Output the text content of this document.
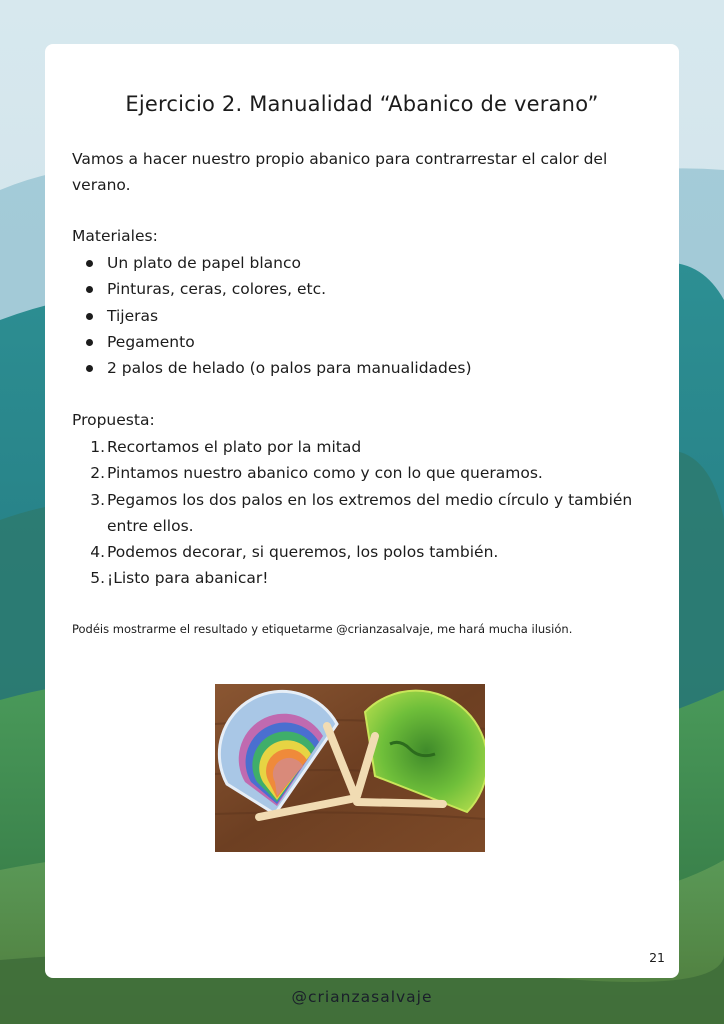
Ejercicio 2. Manualidad “Abanico de verano”
Vamos a hacer nuestro propio abanico para contrarrestar el calor del verano.
Materiales:
Un plato de papel blanco
Pinturas, ceras, colores, etc.
Tijeras
Pegamento
2 palos de helado (o palos para manualidades)
Propuesta:
1. Recortamos el plato por la mitad
2. Pintamos nuestro abanico como y con lo que queramos.
3. Pegamos los dos palos en los extremos del medio círculo y también entre ellos.
4. Podemos decorar, si queremos, los polos también.
5. ¡Listo para abanicar!
Podéis mostrarme el resultado y etiquetarme @crianzasalvaje, me hará mucha ilusión.
21
@crianzasalvaje
